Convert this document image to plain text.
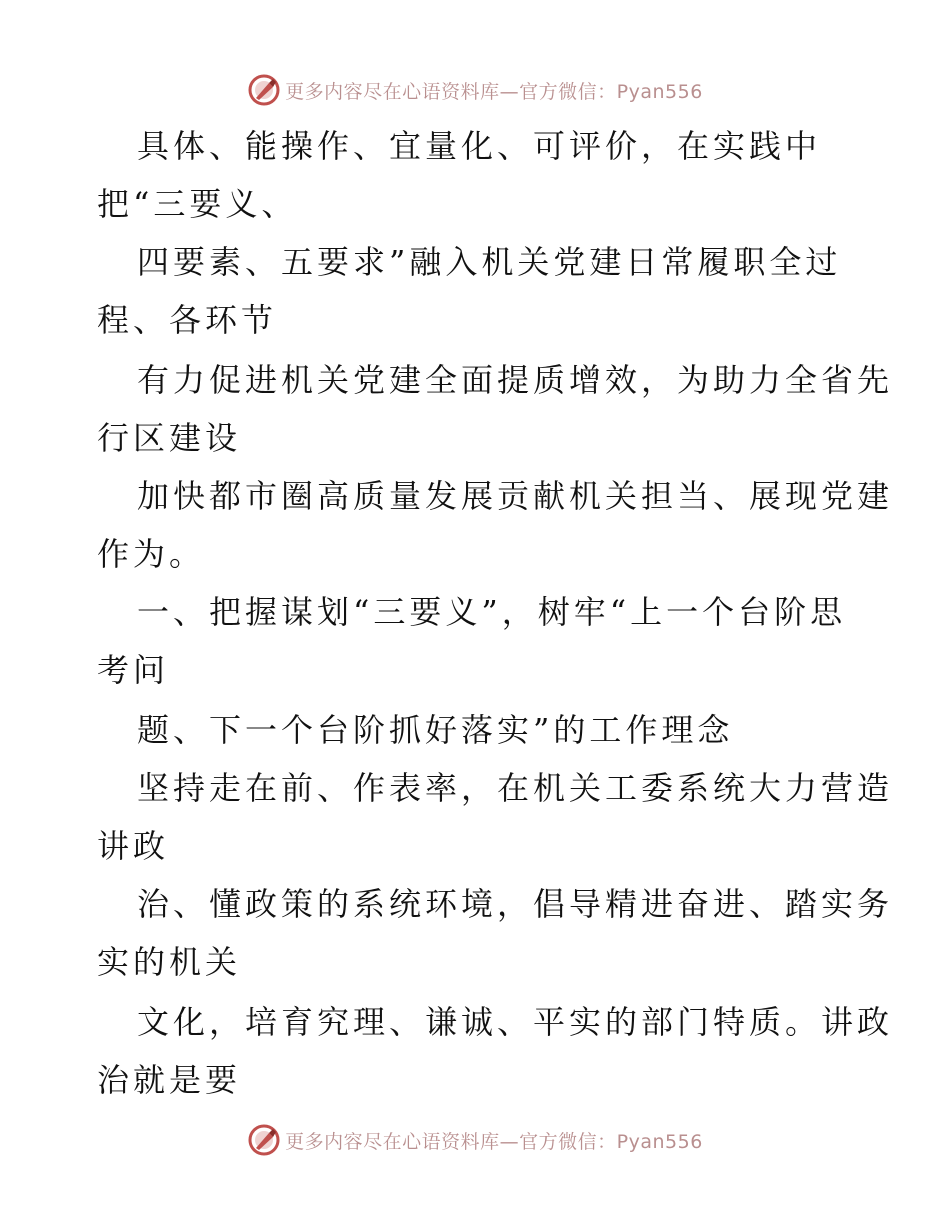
更多内容尽在心语资料库—官方微信：Pyan556
具体、能操作、宜量化、可评价，在实践中
把“三要义、
四要素、五要求”融入机关党建日常履职全过
程、各环节
有力促进机关党建全面提质增效，为助力全省先
行区建设
加快都市圈高质量发展贡献机关担当、展现党建
作为。
一、把握谋划“三要义”，树牢“上一个台阶思
考问
题、下一个台阶抓好落实”的工作理念
坚持走在前、作表率，在机关工委系统大力营造
讲政
治、懂政策的系统环境，倡导精进奋进、踏实务
实的机关
文化，培育究理、谦诚、平实的部门特质。讲政
治就是要
更多内容尽在心语资料库—官方微信：Pyan556
